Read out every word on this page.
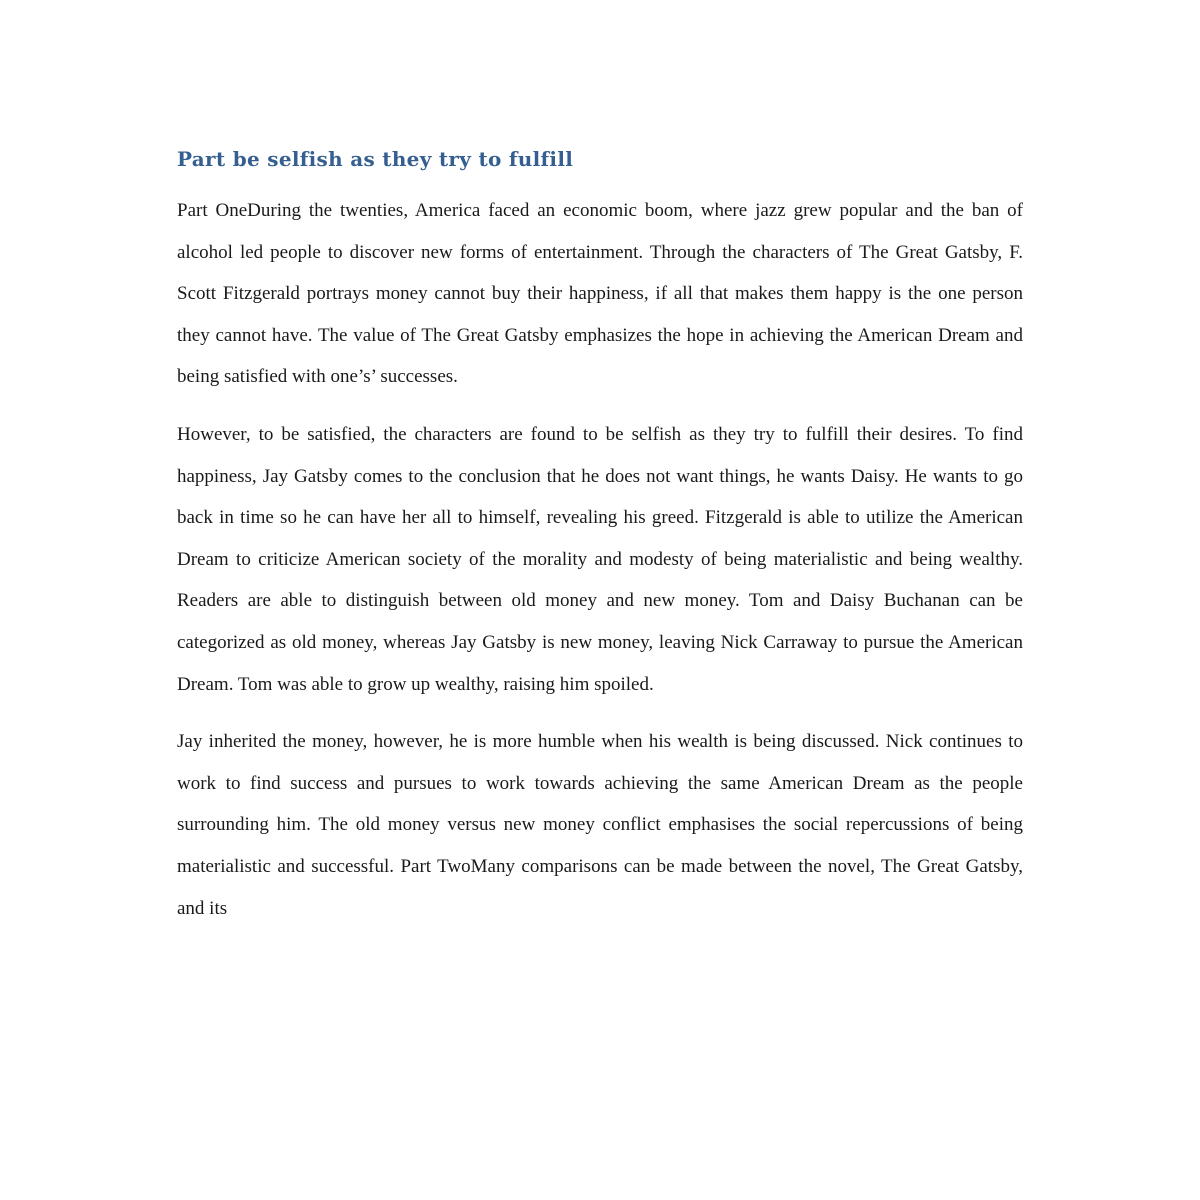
Part be selfish as they try to fulfill

Part OneDuring the twenties, America faced an economic boom, where jazz grew popular and the ban of alcohol led people to discover new forms of entertainment. Through the characters of The Great Gatsby, F. Scott Fitzgerald portrays money cannot buy their happiness, if all that makes them happy is the one person they cannot have. The value of The Great Gatsby emphasizes the hope in achieving the American Dream and being satisfied with one’s’ successes.

However, to be satisfied, the characters are found to be selfish as they try to fulfill their desires. To find happiness, Jay Gatsby comes to the conclusion that he does not want things, he wants Daisy. He wants to go back in time so he can have her all to himself, revealing his greed. Fitzgerald is able to utilize the American Dream to criticize American society of the morality and modesty of being materialistic and being wealthy. Readers are able to distinguish between old money and new money. Tom and Daisy Buchanan can be categorized as old money, whereas Jay Gatsby is new money, leaving Nick Carraway to pursue the American Dream. Tom was able to grow up wealthy, raising him spoiled.

Jay inherited the money, however, he is more humble when his wealth is being discussed. Nick continues to work to find success and pursues to work towards achieving the same American Dream as the people surrounding him. The old money versus new money conflict emphasises the social repercussions of being materialistic and successful. Part TwoMany comparisons can be made between the novel, The Great Gatsby, and its
